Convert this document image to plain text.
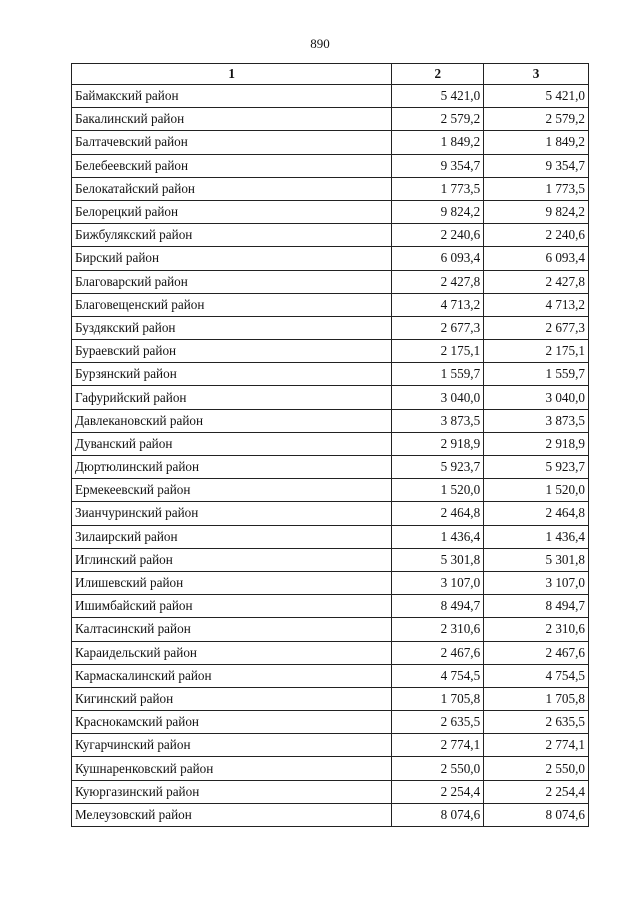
890
1	2	3
Баймакский район	5 421,0	5 421,0
Бакалинский район	2 579,2	2 579,2
Балтачевский район	1 849,2	1 849,2
Белебеевский район	9 354,7	9 354,7
Белокатайский район	1 773,5	1 773,5
Белорецкий район	9 824,2	9 824,2
Бижбулякский район	2 240,6	2 240,6
Бирский район	6 093,4	6 093,4
Благоварский район	2 427,8	2 427,8
Благовещенский район	4 713,2	4 713,2
Буздякский район	2 677,3	2 677,3
Бураевский район	2 175,1	2 175,1
Бурзянский район	1 559,7	1 559,7
Гафурийский район	3 040,0	3 040,0
Давлекановский район	3 873,5	3 873,5
Дуванский район	2 918,9	2 918,9
Дюртюлинский район	5 923,7	5 923,7
Ермекеевский район	1 520,0	1 520,0
Зианчуринский район	2 464,8	2 464,8
Зилаирский район	1 436,4	1 436,4
Иглинский район	5 301,8	5 301,8
Илишевский район	3 107,0	3 107,0
Ишимбайский район	8 494,7	8 494,7
Калтасинский район	2 310,6	2 310,6
Караидельский район	2 467,6	2 467,6
Кармаскалинский район	4 754,5	4 754,5
Кигинский район	1 705,8	1 705,8
Краснокамский район	2 635,5	2 635,5
Кугарчинский район	2 774,1	2 774,1
Кушнаренковский район	2 550,0	2 550,0
Куюргазинский район	2 254,4	2 254,4
Мелеузовский район	8 074,6	8 074,6
